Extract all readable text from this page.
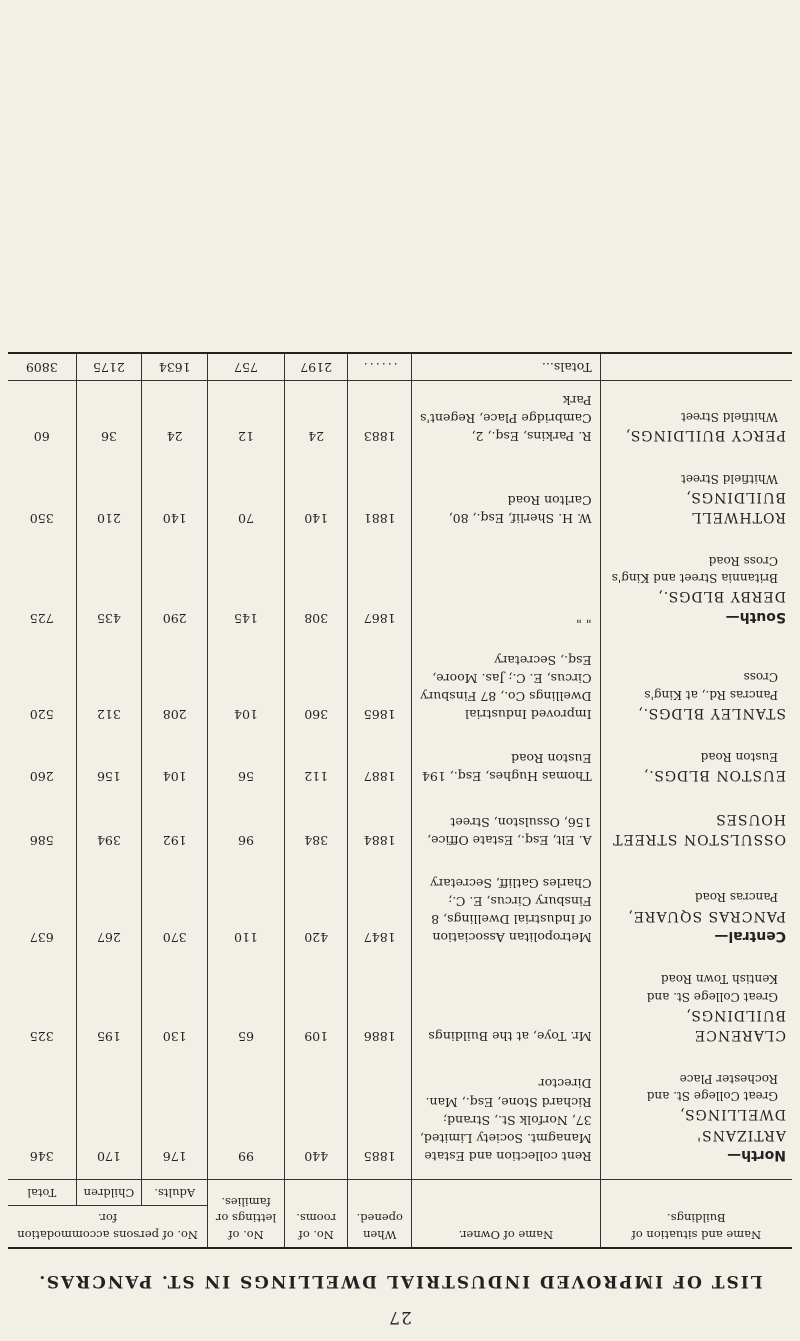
27
LIST OF IMPROVED INDUSTRIAL DWELLINGS IN ST. PANCRAS.
Name and situation of Buildings.	Name of Owner.	When opened.	No. of rooms.	No. of lettings or families.	No. of persons accommodation for.		
					Adults.	Children	Total

North—
ARTIZANS' DWELLINGS,
Great College St. and Rochester Place	Rent collection and Estate Managmt. Society Limited, 37, Norfolk St., Strand; Richard Stone, Esq., Man. Director	1885	440	99	176	170	346

CLARENCE BUILDINGS,
Great College St. and Kentish Town Road	Mr. Toye, at the Buildings	1886	109	65	130	195	325

Central—
PANCRAS SQUARE,
Pancras Road	Metropolitan Association of Industrial Dwellings, 8 Finsbury Circus, E. C.; Charles Gatliff, Secretary	1847	420	110	370	267	637

OSSULSTON STREET HOUSES	A. Elt, Esq., Estate Office, 156, Ossulston, Street	1884	384	96	192	394	586

EUSTON BLDGS.,
Euston Road	Thomas Hughes, Esq., 194 Euston Road	1887	112	56	104	156	260

STANLEY BLDGS.,
Pancras Rd., at King's Cross	Improved Industrial Dwellings Co., 87 Finsbury Circus, E. C.; Jas. Moore, Esq., Secretary	1865	360	104	208	312	520

South—
DERBY BLDGS.,
Britannia Street and King's Cross Road	" "	1867	308	145	290	435	725

ROTHWELL BUILDINGS,
Whitfield Street	W. H. Sherlif, Esq., 80, Carlton Road	1881	140	70	140	210	350

PERCY BUILDINGS,
Whitfield Street	R. Parkins, Esq., 2, Cambridge Place, Regent's Park	1883	24	12	24	36	60
	Totals...	......	2197	757	1634	2175	3809
